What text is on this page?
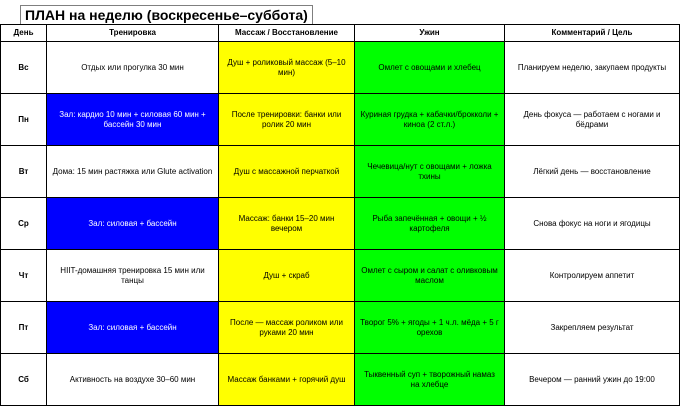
ПЛАН на неделю (воскресенье–суббота)
День	Тренировка	Массаж / Восстановление	Ужин	Комментарий / Цель
Вс	Отдых или прогулка 30 мин	Душ + роликовый массаж (5–10 мин)	Омлет с овощами и хлебец	Планируем неделю, закупаем продукты
Пн	Зал: кардио 10 мин + силовая 60 мин + бассейн 30 мин	После тренировки: банки или ролик 20 мин	Куриная грудка + кабачки/брокколи + киноа (2 ст.л.)	День фокуса — работаем с ногами и бёдрами
Вт	Дома: 15 мин растяжка или Glute activation	Душ с массажной перчаткой	Чечевица/нут с овощами + ложка тхины	Лёгкий день — восстановление
Ср	Зал: силовая + бассейн	Массаж: банки 15–20 мин вечером	Рыба запечённая + овощи + ½ картофеля	Снова фокус на ноги и ягодицы
Чт	HIIT-домашняя тренировка 15 мин или танцы	Душ + скраб	Омлет с сыром и салат с оливковым маслом	Контролируем аппетит
Пт	Зал: силовая + бассейн	После — массаж роликом или руками 20 мин	Творог 5% + ягоды + 1 ч.л. мёда + 5 г орехов	Закрепляем результат
Сб	Активность на воздухе 30–60 мин	Массаж банками + горячий душ	Тыквенный суп + творожный намаз на хлебце	Вечером — ранний ужин до 19:00
